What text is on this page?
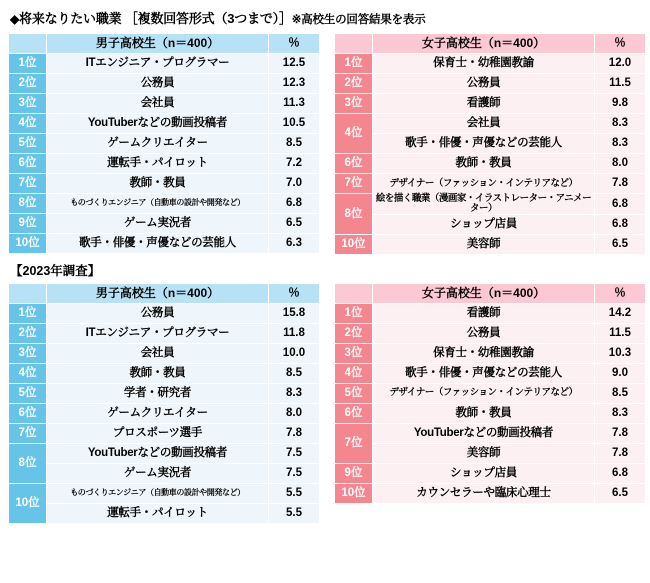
◆将来なりたい職業 ［複数回答形式（3つまで）］※高校生の回答結果を表示
	男子高校生（n＝400）	％
1位	ITエンジニア・プログラマー	12.5
2位	公務員	12.3
3位	会社員	11.3
4位	YouTuberなどの動画投稿者	10.5
5位	ゲームクリエイター	8.5
6位	運転手・パイロット	7.2
7位	教師・教員	7.0
8位	ものづくりエンジニア（自動車の設計や開発など）	6.8
9位	ゲーム実況者	6.5
10位	歌手・俳優・声優などの芸能人	6.3
	女子高校生（n＝400）	％
1位	保育士・幼稚園教諭	12.0
2位	公務員	11.5
3位	看護師	9.8
4位	会社員	8.3
	歌手・俳優・声優などの芸能人	8.3
6位	教師・教員	8.0
7位	デザイナー（ファッション・インテリアなど）	7.8
8位	絵を描く職業（漫画家・イラストレーター・アニメーター）	6.8
	ショップ店員	6.8
10位	美容師	6.5
【2023年調査】
	男子高校生（n＝400）	％
1位	公務員	15.8
2位	ITエンジニア・プログラマー	11.8
3位	会社員	10.0
4位	教師・教員	8.5
5位	学者・研究者	8.3
6位	ゲームクリエイター	8.0
7位	プロスポーツ選手	7.8
8位	YouTuberなどの動画投稿者	7.5
	ゲーム実況者	7.5
10位	ものづくりエンジニア（自動車の設計や開発など）	5.5
	運転手・パイロット	5.5
	女子高校生（n＝400）	％
1位	看護師	14.2
2位	公務員	11.5
3位	保育士・幼稚園教諭	10.3
4位	歌手・俳優・声優などの芸能人	9.0
5位	デザイナー（ファッション・インテリアなど）	8.5
6位	教師・教員	8.3
7位	YouTuberなどの動画投稿者	7.8
	美容師	7.8
9位	ショップ店員	6.8
10位	カウンセラーや臨床心理士	6.5
